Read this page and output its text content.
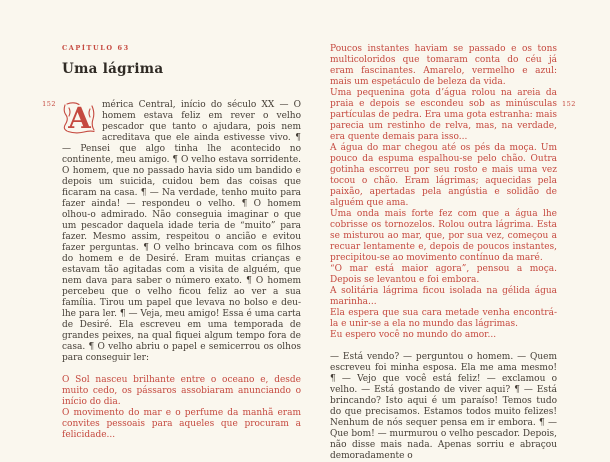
152	152
CAPÍTULO 63
Uma lágrima
A	mérica Central, início do século XX — O homem estava feliz em rever o velho pescador que tanto o ajudara, pois nem acreditava que ele ainda estivesse vivo. ¶ — Pensei que algo tinha lhe acontecido no continente, meu amigo. ¶ O velho estava sorridente. O homem, que no passado havia sido um bandido e depois um suicida, cuidou bem das coisas que ficaram na casa. ¶ — Na verdade, tenho muito para fazer ainda! — respondeu o velho. ¶ O homem olhou-o admirado. Não conseguia imaginar o que um pescador daquela idade teria de “muito” para fazer. Mesmo assim, respeitou o ancião e evitou fazer perguntas. ¶ O velho brincava com os filhos do homem e de Desiré. Eram muitas crianças e estavam tão agitadas com a visita de alguém, que nem dava para saber o número exato. ¶ O homem percebeu que o velho ficou feliz ao ver a sua família. Tirou um papel que levava no bolso e deu-lhe para ler. ¶ — Veja, meu amigo! Essa é uma carta de Desiré. Ela escreveu em uma temporada de grandes peixes, na qual fiquei algum tempo fora de casa. ¶ O velho abriu o papel e semicerrou os olhos para conseguir ler:

O Sol nasceu brilhante entre o oceano e, desde muito cedo, os pássaros assobiaram anunciando o início do dia.

O movimento do mar e o perfume da manhã eram convites pessoais para aqueles que procuram a felicidade...

Poucos instantes haviam se passado e os tons multicoloridos que tomaram conta do céu já eram fascinantes. Amarelo, vermelho e azul: mais um espetáculo de beleza da vida.

Uma pequenina gota d’água rolou na areia da praia e depois se escondeu sob as minúsculas partículas de pedra. Era uma gota estranha: mais parecia um restinho de relva, mas, na verdade, era quente demais para isso...

A água do mar chegou até os pés da moça. Um pouco da espuma espalhou-se pelo chão. Outra gotinha escorreu por seu rosto e mais uma vez tocou o chão. Eram lágrimas; aquecidas pela paixão, apertadas pela angústia e solidão de alguém que ama.

Uma onda mais forte fez com que a água lhe cobrisse os tornozelos. Rolou outra lágrima. Esta se misturou ao mar, que, por sua vez, começou a recuar lentamente e, depois de poucos instantes, precipitou-se ao movimento contínuo da maré.

“O mar está maior agora”, pensou a moça. Depois se levantou e foi embora.

A solitária lágrima ficou isolada na gélida água marinha...

Ela espera que sua cara metade venha encontrá-la e unir-se a ela no mundo das lágrimas.

Eu espero você no mundo do amor...

— Está vendo? — perguntou o homem. — Quem escreveu foi minha esposa. Ela me ama mesmo! ¶ — Vejo que você está feliz! — exclamou o velho. — Está gostando de viver aqui? ¶ — Está brincando? Isto aqui é um paraíso! Temos tudo do que precisamos. Estamos todos muito felizes! Nenhum de nós sequer pensa em ir embora. ¶ — Que bom! — murmurou o velho pescador. Depois, não disse mais nada. Apenas sorriu e abraçou demoradamente o
